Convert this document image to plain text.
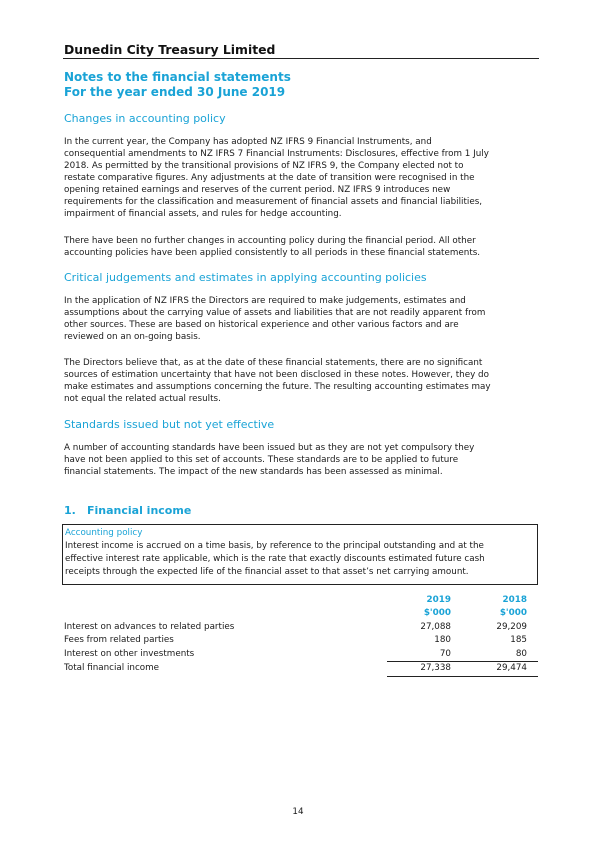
Dunedin City Treasury Limited
Notes to the financial statements
For the year ended 30 June 2019
Changes in accounting policy
In the current year, the Company has adopted NZ IFRS 9 Financial Instruments, and
consequential amendments to NZ IFRS 7 Financial Instruments: Disclosures, effective from 1 July
2018. As permitted by the transitional provisions of NZ IFRS 9, the Company elected not to
restate comparative figures. Any adjustments at the date of transition were recognised in the
opening retained earnings and reserves of the current period. NZ IFRS 9 introduces new
requirements for the classification and measurement of financial assets and financial liabilities,
impairment of financial assets, and rules for hedge accounting.
There have been no further changes in accounting policy during the financial period. All other
accounting policies have been applied consistently to all periods in these financial statements.
Critical judgements and estimates in applying accounting policies
In the application of NZ IFRS the Directors are required to make judgements, estimates and
assumptions about the carrying value of assets and liabilities that are not readily apparent from
other sources. These are based on historical experience and other various factors and are
reviewed on an on-going basis.
The Directors believe that, as at the date of these financial statements, there are no significant
sources of estimation uncertainty that have not been disclosed in these notes. However, they do
make estimates and assumptions concerning the future. The resulting accounting estimates may
not equal the related actual results.
Standards issued but not yet effective
A number of accounting standards have been issued but as they are not yet compulsory they
have not been applied to this set of accounts. These standards are to be applied to future
financial statements. The impact of the new standards has been assessed as minimal.
1. Financial income
Accounting policy
Interest income is accrued on a time basis, by reference to the principal outstanding and at the
effective interest rate applicable, which is the rate that exactly discounts estimated future cash
receipts through the expected life of the financial asset to that asset’s net carrying amount.
2019	2018
$'000	$'000
Interest on advances to related parties	27,088	29,209
Fees from related parties	180	185
Interest on other investments	70	80
Total financial income	27,338	29,474
14
